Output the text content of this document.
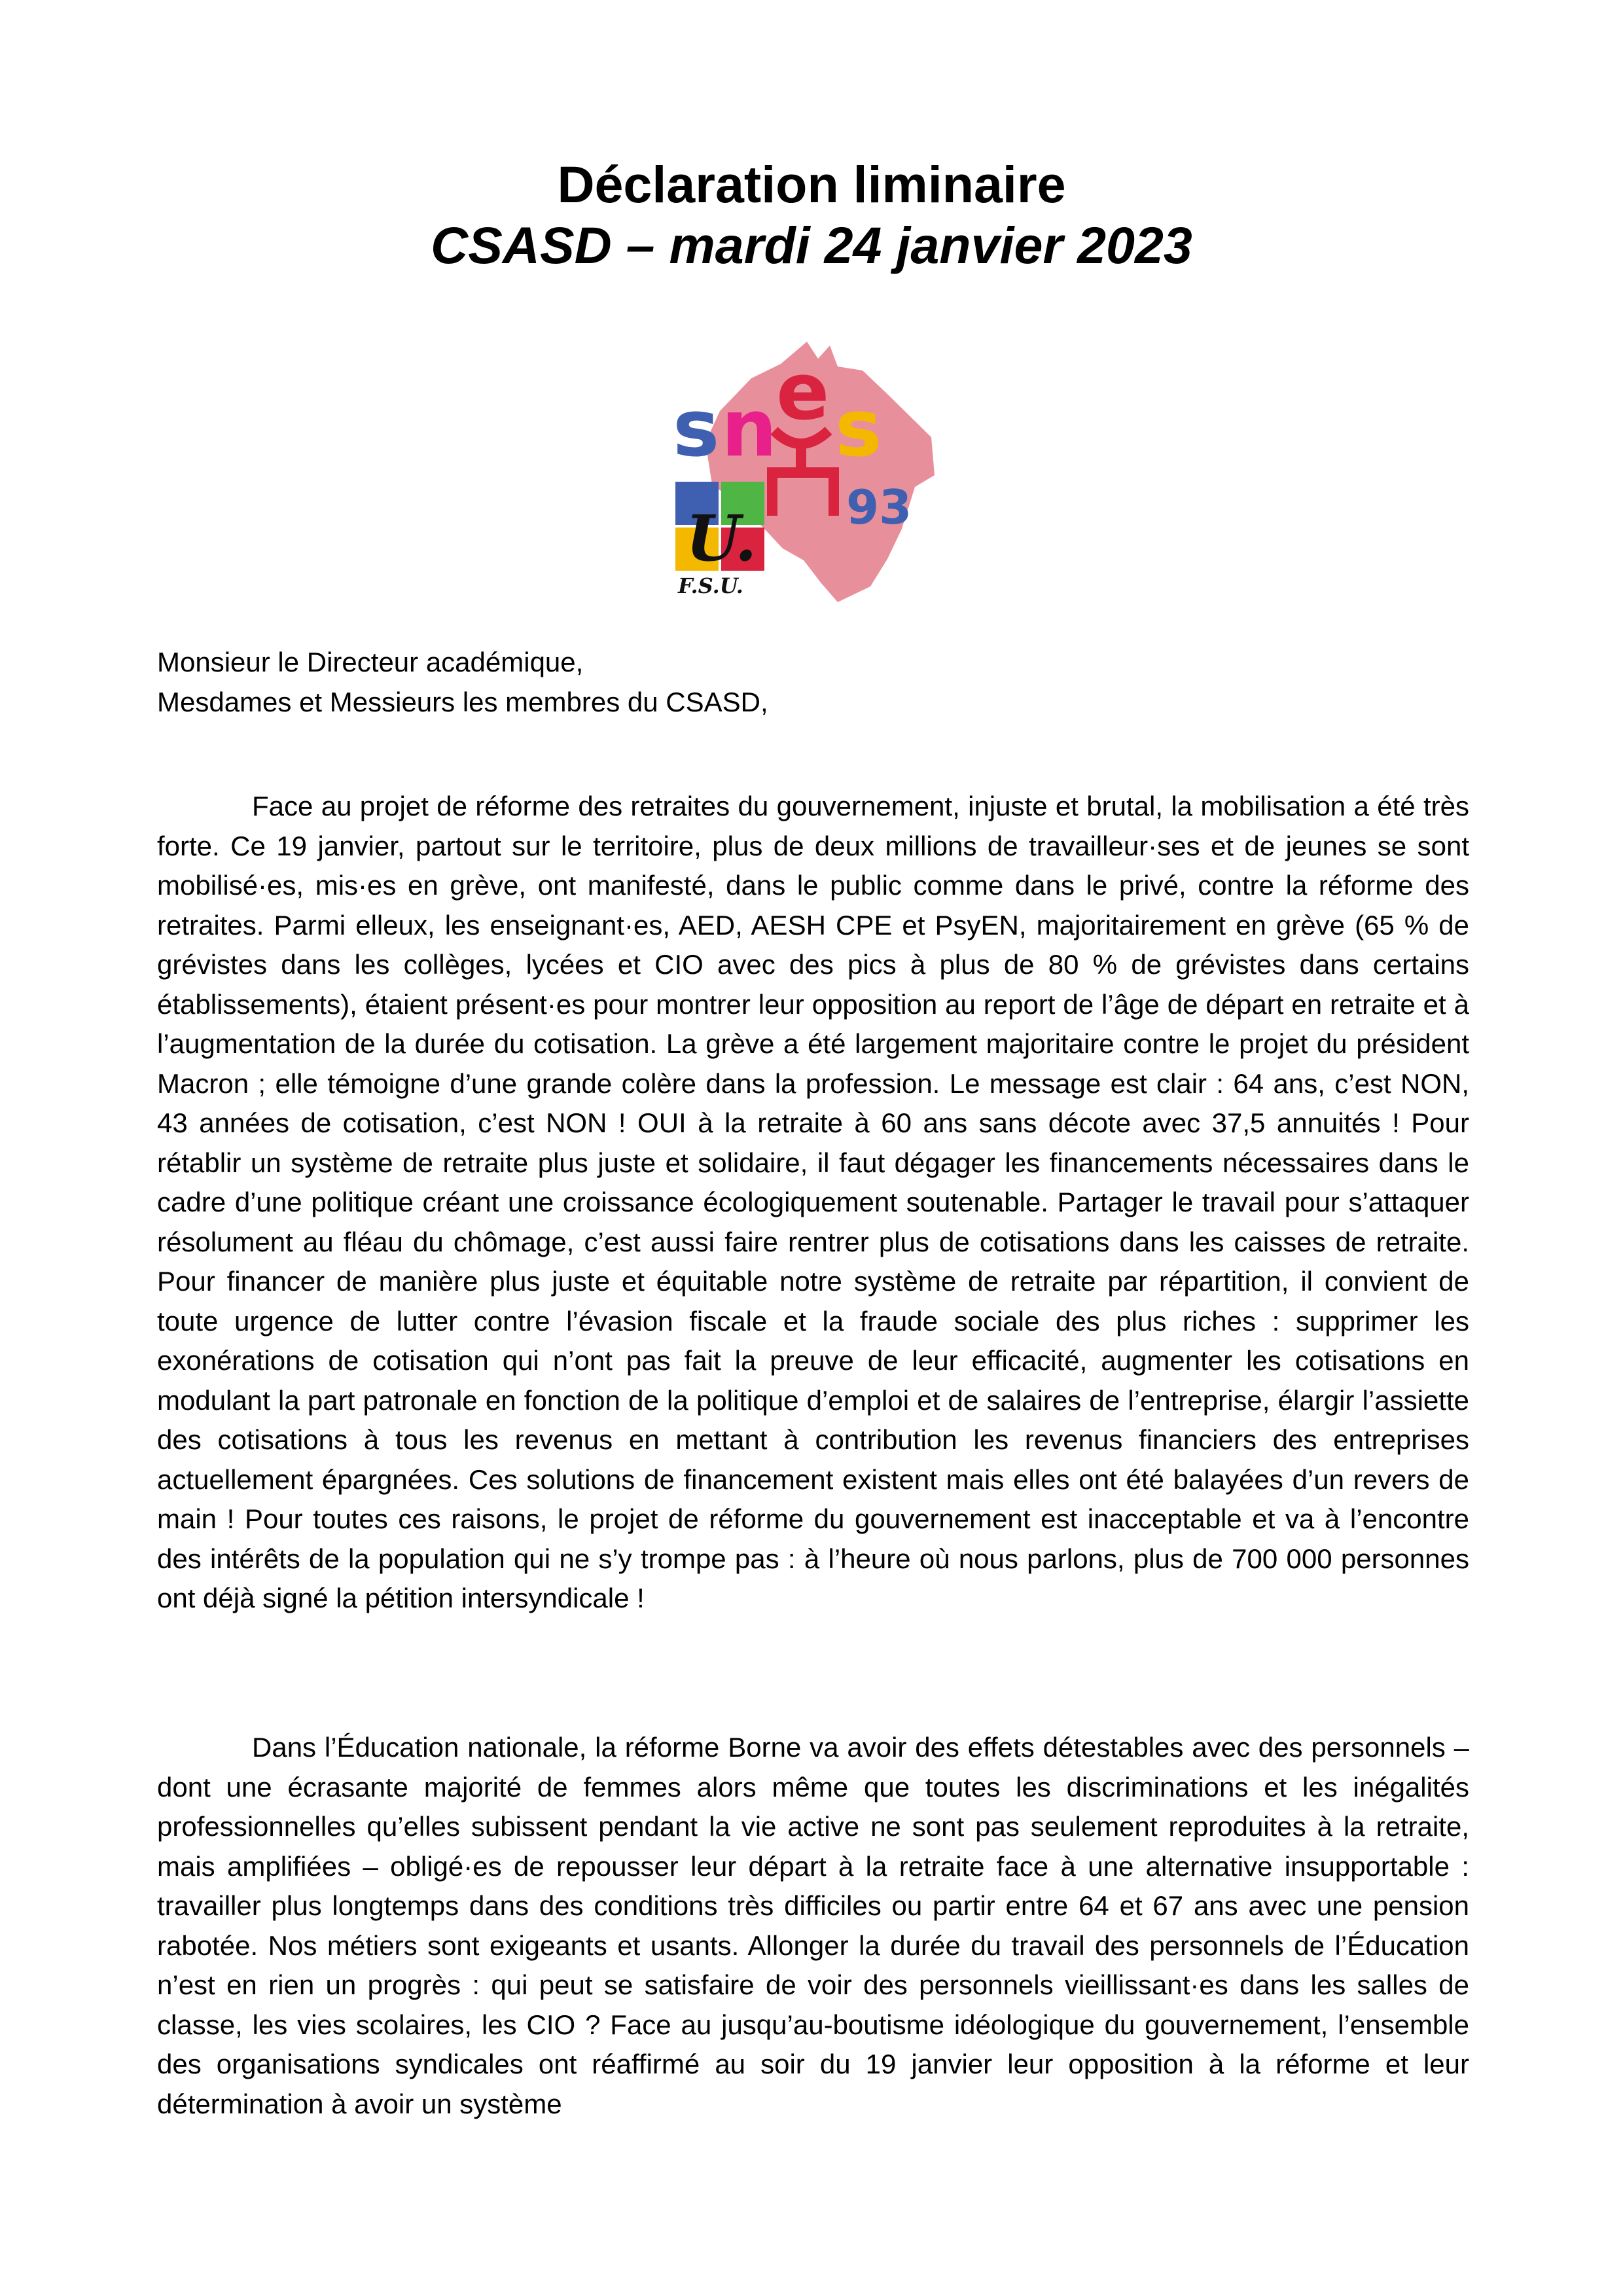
Déclaration liminaire
CSASD – mardi 24 janvier 2023
s n
e s
93
U.
F.S.U.

Monsieur le Directeur académique,

Mesdames et Messieurs les membres du CSASD,

Face au projet de réforme des retraites du gouvernement, injuste et brutal, la mobilisation a été très forte. Ce 19 janvier, partout sur le territoire, plus de deux millions de travailleur·ses et de jeunes se sont mobilisé·es, mis·es en grève, ont manifesté, dans le public comme dans le privé, contre la réforme des retraites. Parmi elleux, les enseignant·es, AED, AESH CPE et PsyEN, majoritairement en grève (65 % de grévistes dans les collèges, lycées et CIO avec des pics à plus de 80 % de grévistes dans certains établissements), étaient présent·es pour montrer leur opposition au report de l’âge de départ en retraite et à l’augmentation de la durée du cotisation. La grève a été largement majoritaire contre le projet du président Macron ; elle témoigne d’une grande colère dans la profession. Le message est clair : 64 ans, c’est NON, 43 années de cotisation, c’est NON ! OUI à la retraite à 60 ans sans décote avec 37,5 annuités ! Pour rétablir un système de retraite plus juste et solidaire, il faut dégager les financements nécessaires dans le cadre d’une politique créant une croissance écologiquement soutenable. Partager le travail pour s’attaquer résolument au fléau du chômage, c’est aussi faire rentrer plus de cotisations dans les caisses de retraite. Pour financer de manière plus juste et équitable notre système de retraite par répartition, il convient de toute urgence de lutter contre l’évasion fiscale et la fraude sociale des plus riches : supprimer les exonérations de cotisation qui n’ont pas fait la preuve de leur efficacité, augmenter les cotisations en modulant la part patronale en fonction de la politique d’emploi et de salaires de l’entreprise, élargir l’assiette des cotisations à tous les revenus en mettant à contribution les revenus financiers des entreprises actuellement épargnées. Ces solutions de financement existent mais elles ont été balayées d’un revers de main ! Pour toutes ces raisons, le projet de réforme du gouvernement est inacceptable et va à l’encontre des intérêts de la population qui ne s’y trompe pas : à l’heure où nous parlons, plus de 700 000 personnes ont déjà signé la pétition intersyndicale !

Dans l’Éducation nationale, la réforme Borne va avoir des effets détestables avec des personnels – dont une écrasante majorité de femmes alors même que toutes les discriminations et les inégalités professionnelles qu’elles subissent pendant la vie active ne sont pas seulement reproduites à la retraite, mais amplifiées – obligé·es de repousser leur départ à la retraite face à une alternative insupportable : travailler plus longtemps dans des conditions très difficiles ou partir entre 64 et 67 ans avec une pension rabotée. Nos métiers sont exigeants et usants. Allonger la durée du travail des personnels de l’Éducation n’est en rien un progrès : qui peut se satisfaire de voir des personnels vieillissant·es dans les salles de classe, les vies scolaires, les CIO ? Face au jusqu’au-boutisme idéologique du gouvernement, l’ensemble des organisations syndicales ont réaffirmé au soir du 19 janvier leur opposition à la réforme et leur détermination à avoir un système
